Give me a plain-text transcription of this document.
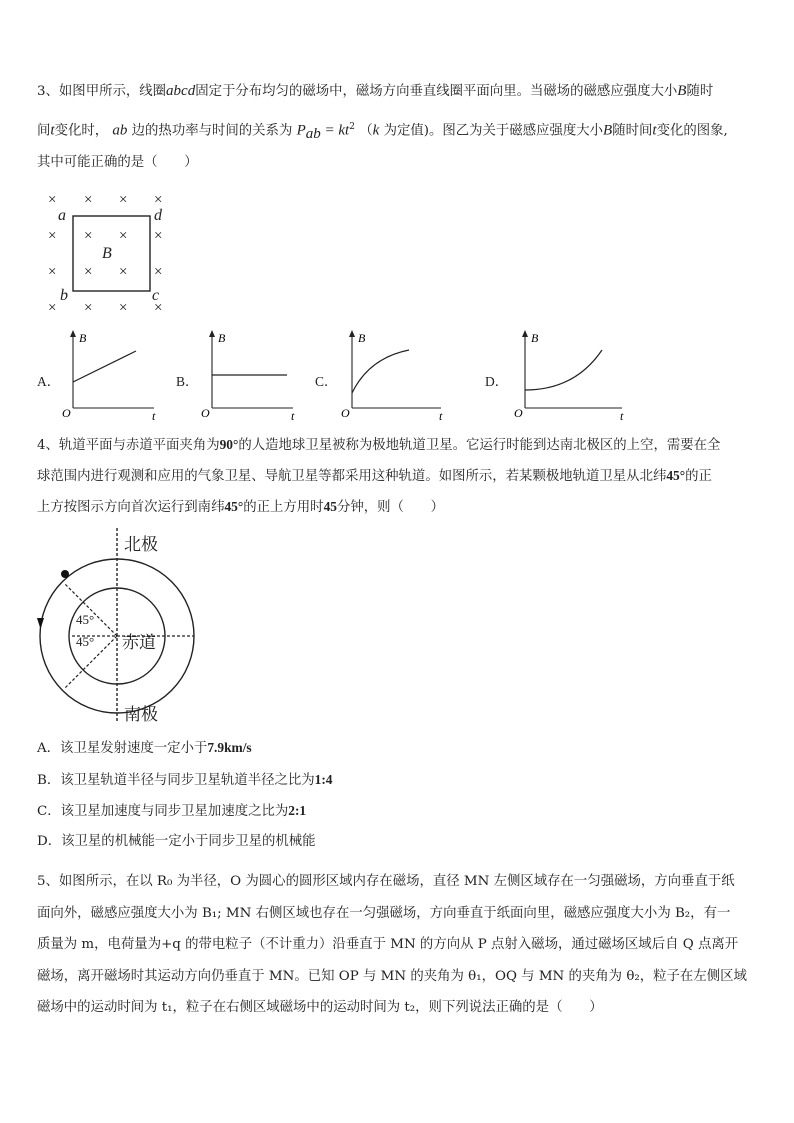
3、如图甲所示，线圈abcd固定于分布均匀的磁场中，磁场方向垂直线圈平面向里。当磁场的磁感应强度大小B随时
间t变化时， ab 边的热功率与时间的关系为 $P_{ab} = kt^2$ （k 为定值)。图乙为关于磁感应强度大小B随时间t变化的图象,
其中可能正确的是（　　）
× × × ×
× × × ×
× × × ×
× × × ×
a	d
b	c
B
A．
B
t
O
B．
B
t
O
C．
B
t
O
D．
B
t
O
4、轨道平面与赤道平面夹角为90°的人造地球卫星被称为极地轨道卫星。它运行时能到达南北极区的上空，需要在全
球范围内进行观测和应用的气象卫星、导航卫星等都采用这种轨道。如图所示，若某颗极地轨道卫星从北纬45°的正
上方按图示方向首次运行到南纬45°的正上方用时45分钟，则（　　）
北极
南极
赤道
45°
45°
A．该卫星发射速度一定小于7.9km/s
B．该卫星轨道半径与同步卫星轨道半径之比为1:4
C．该卫星加速度与同步卫星加速度之比为2:1
D．该卫星的机械能一定小于同步卫星的机械能
5、如图所示，在以 R₀ 为半径，O 为圆心的圆形区域内存在磁场，直径 MN 左侧区域存在一匀强磁场，方向垂直于纸
面向外，磁感应强度大小为 B₁; MN 右侧区域也存在一匀强磁场，方向垂直于纸面向里，磁感应强度大小为 B₂，有一
质量为 m，电荷量为+q 的带电粒子（不计重力）沿垂直于 MN 的方向从 P 点射入磁场，通过磁场区域后自 Q 点离开
磁场，离开磁场时其运动方向仍垂直于 MN。已知 OP 与 MN 的夹角为 θ₁，OQ 与 MN 的夹角为 θ₂，粒子在左侧区域
磁场中的运动时间为 t₁，粒子在右侧区域磁场中的运动时间为 t₂，则下列说法正确的是（　　）
